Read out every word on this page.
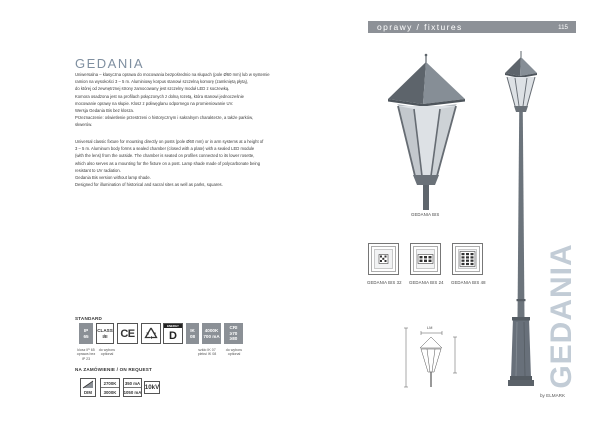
GEDANIA
Uniwersalna – klasyczna oprawa do mocowania bezpośrednio na słupach (pole Ø60 mm) lub w systemie
ramion na wysokości 3 – 5 m. Aluminiowy korpus stanowi szczelną komorę (zamkniętą płytą),
do której od zewnętrznej strony zamocowany jest szczelny moduł LED z soczewką.
Komora osadzona jest na profilach połączonych z dolną rozetą, która stanowi jednocześnie
mocowanie oprawy na słupie. Klosz z poliwęglanu odpornego na promieniowanie UV.
Wersja Gedania Bis bez klosza.
Przeznaczenie: oświetlenie przestrzeni o historycznym i sakralnym charakterze, a także parków,
skwerów.
Universal classic fixture for mounting directly on posts (pole Ø60 mm) or in arm systems at a height of
3 – 5 m. Aluminum body forms a sealed chamber (closed with a plate) with a sealed LED module
(with the lens) from the outside. The chamber is seated on profiles connected to its lower rosette,
which also serves as a mounting for the fixture on a post. Lamp shade made of polycarbonate being
resistant to UV radiation.
Gedania Bis version without lamp shade.
Designed for illumination of historical and sacral sites as well as parks, squares.
STANDARD
IP
65
CLASS
I/II CE
ENERGY
D	IK
08
4000K
700 mA
CRI
≥70
≥80
klosz IP 65
oprawa bez
IP 23
do wyboru
optional
szkło IK 07
pleksi IK 08
do wyboru
optional
NA ZAMÓWIENIE / ON REQUEST
DIM
2700K
3000K
350 mA
1050 mA
10kV
oprawy / fixtures	115
GEDANIA BIS
GEDANIA BIS 32 GEDANIA BIS 24 GEDANIA BIS 48
LM	GEDANIA
by ELMARK
